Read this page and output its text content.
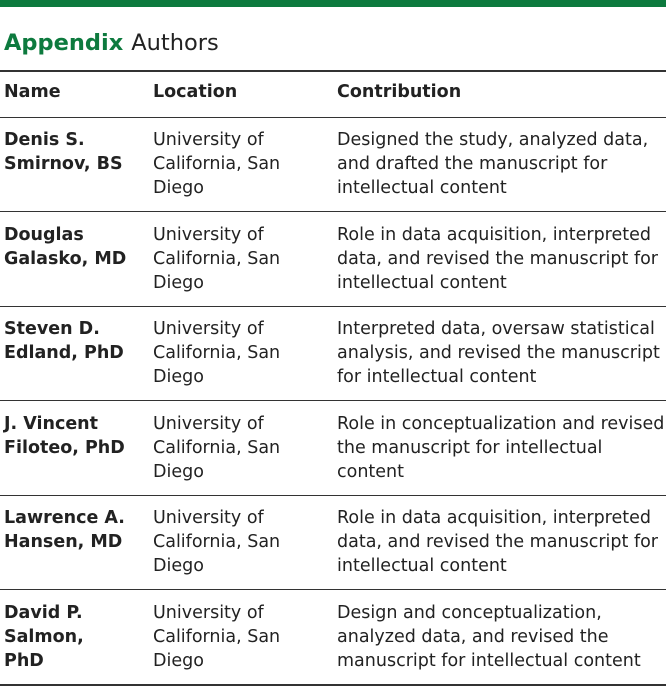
Appendix Authors
Name	Location	Contribution
Denis S.
Smirnov, BS
University of
California, San
Diego
Designed the study, analyzed data,
and drafted the manuscript for
intellectual content
Douglas
Galasko, MD
University of
California, San
Diego
Role in data acquisition, interpreted
data, and revised the manuscript for
intellectual content
Steven D.
Edland, PhD
University of
California, San
Diego
Interpreted data, oversaw statistical
analysis, and revised the manuscript
for intellectual content
J. Vincent
Filoteo, PhD
University of
California, San
Diego
Role in conceptualization and revised
the manuscript for intellectual
content
Lawrence A.
Hansen, MD
University of
California, San
Diego
Role in data acquisition, interpreted
data, and revised the manuscript for
intellectual content
David P.
Salmon,
PhD
University of
California, San
Diego
Design and conceptualization,
analyzed data, and revised the
manuscript for intellectual content
